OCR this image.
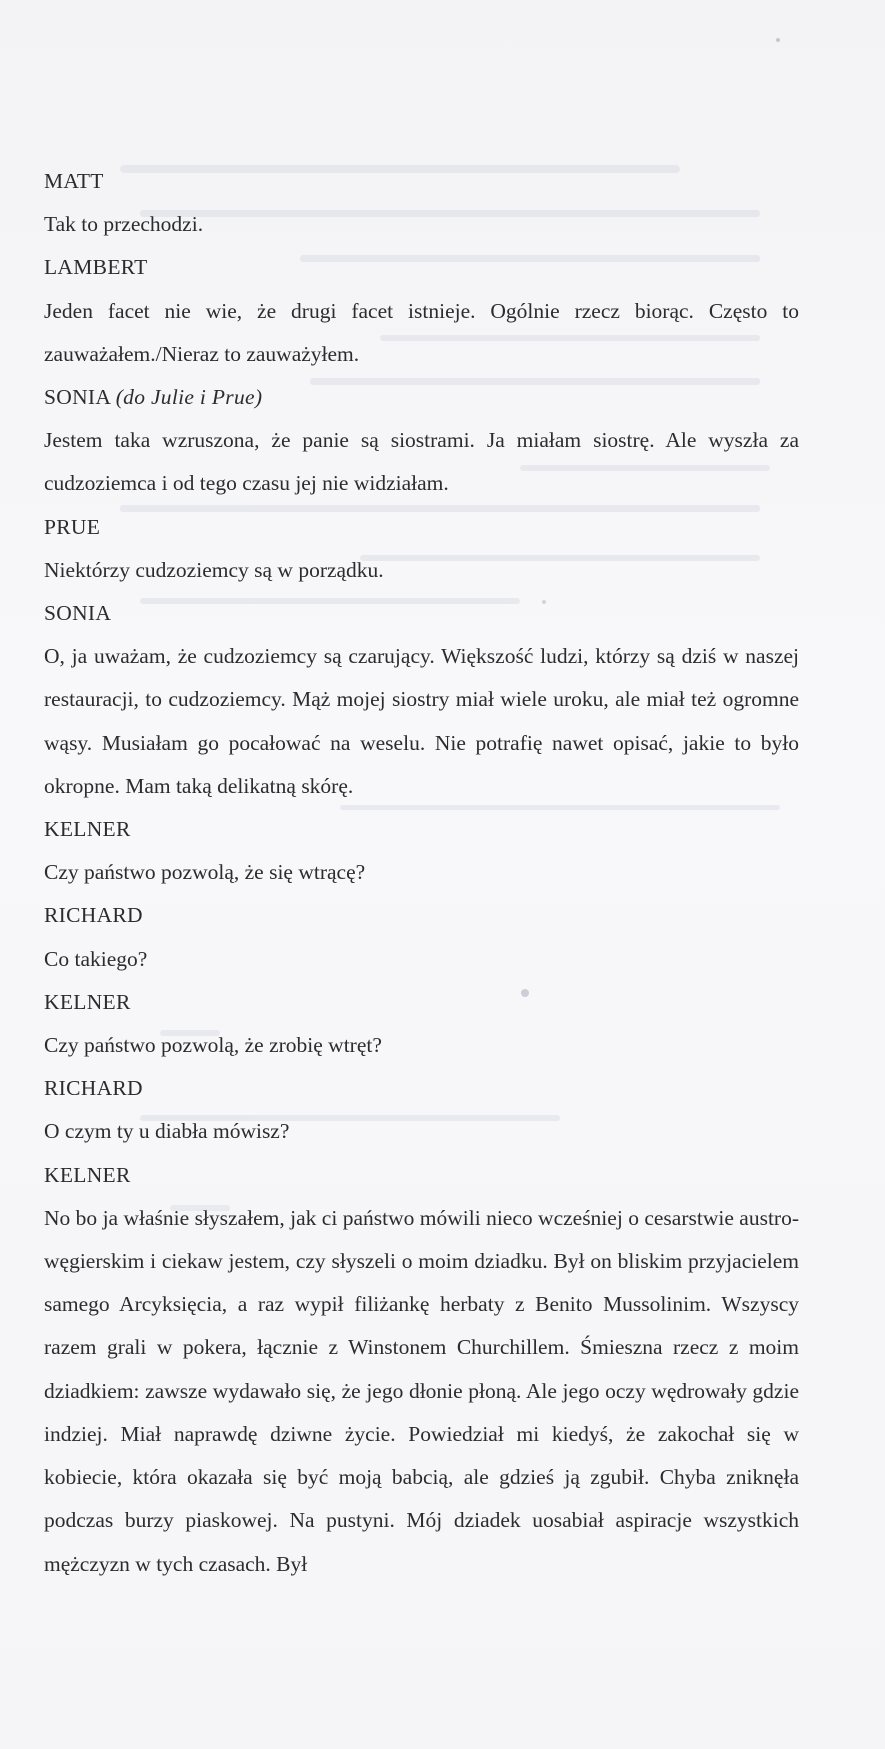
MATT
Tak to przechodzi.
LAMBERT

Jeden facet nie wie, że drugi facet istnieje. Ogólnie rzecz biorąc. Często to zauważałem./Nieraz to zauważyłem.

SONIA (do Julie i Prue)

Jestem taka wzruszona, że panie są siostrami. Ja miałam siostrę. Ale wyszła za cudzoziemca i od tego czasu jej nie widziałam.

PRUE
Niektórzy cudzoziemcy są w porządku.
SONIA

O, ja uważam, że cudzoziemcy są czarujący. Większość ludzi, którzy są dziś w naszej restauracji, to cudzoziemcy. Mąż mojej siostry miał wiele uroku, ale miał też ogromne wąsy. Musiałam go pocałować na weselu. Nie potrafię nawet opisać, jakie to było okropne. Mam taką delikatną skórę.

KELNER
Czy państwo pozwolą, że się wtrącę?
RICHARD
Co takiego?
KELNER
Czy państwo pozwolą, że zrobię wtręt?
RICHARD
O czym ty u diabła mówisz?
KELNER

No bo ja właśnie słyszałem, jak ci państwo mówili nieco wcześniej o cesarstwie austro-węgierskim i ciekaw jestem, czy słyszeli o moim dziadku. Był on bliskim przyjacielem samego Arcyksięcia, a raz wypił filiżankę herbaty z Benito Mussolinim. Wszyscy razem grali w pokera, łącznie z Winstonem Churchillem. Śmieszna rzecz z moim dziadkiem: zawsze wydawało się, że jego dłonie płoną. Ale jego oczy wędrowały gdzie indziej. Miał naprawdę dziwne życie. Powiedział mi kiedyś, że zakochał się w kobiecie, która okazała się być moją babcią, ale gdzieś ją zgubił. Chyba zniknęła podczas burzy piaskowej. Na pustyni. Mój dziadek uosabiał aspiracje wszystkich mężczyzn w tych czasach. Był
